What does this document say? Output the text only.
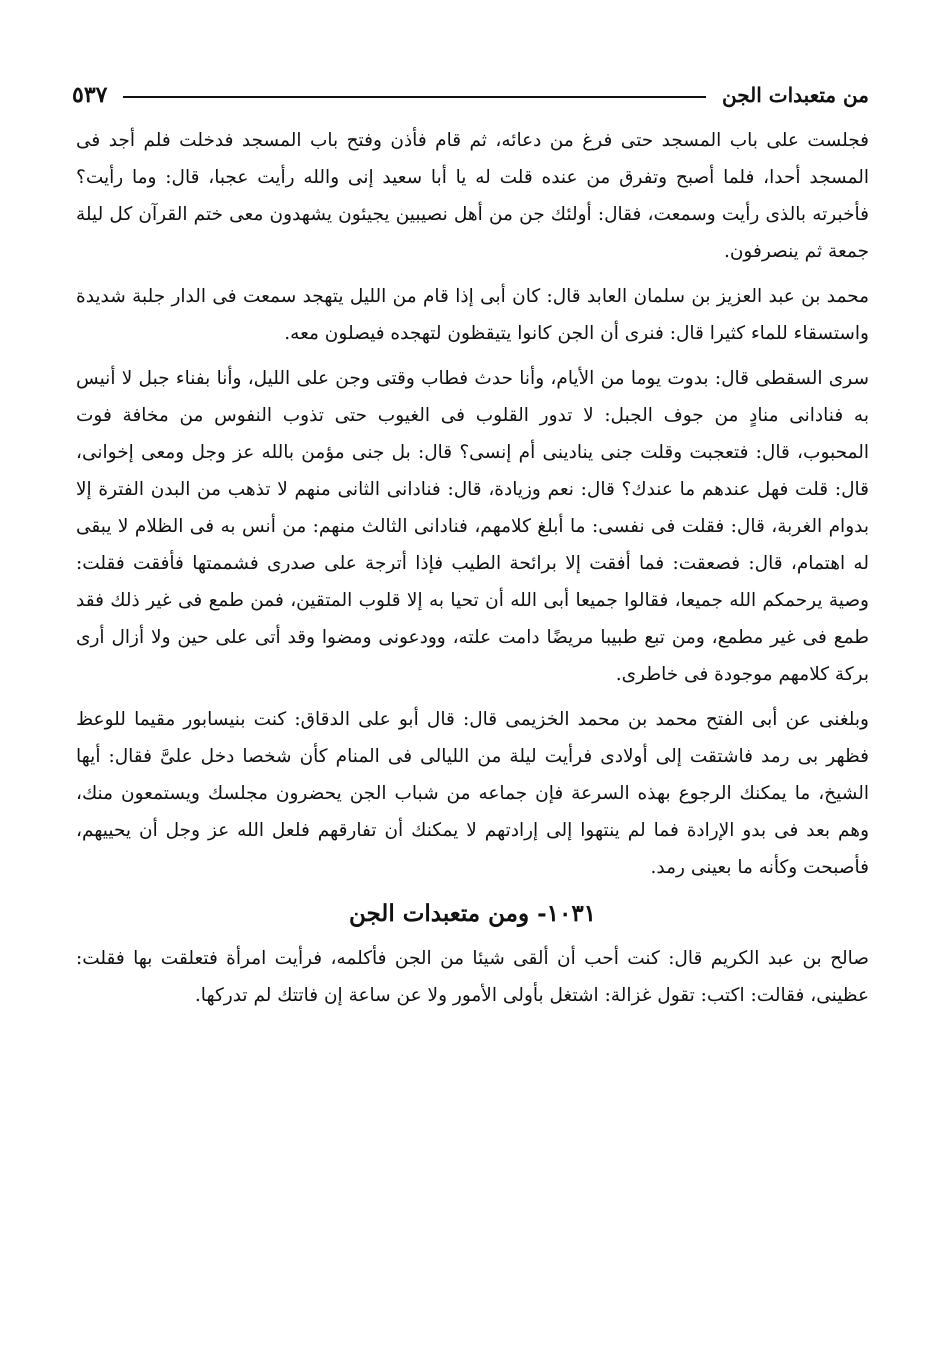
من متعبدات الجن
٥٣٧

فجلست على باب المسجد حتى فرغ من دعائه، ثم قام فأذن وفتح باب المسجد فدخلت فلم أجد فى المسجد أحدا، فلما أصبح وتفرق من عنده قلت له يا أبا سعيد إنى والله رأيت عجبا، قال: وما رأيت؟ فأخبرته بالذى رأيت وسمعت، فقال: أولئك جن من أهل نصيبين يجيئون يشهدون معى ختم القرآن كل ليلة جمعة ثم ينصرفون.

محمد بن عبد العزيز بن سلمان العابد قال: كان أبى إذا قام من الليل يتهجد سمعت فى الدار جلبة شديدة واستسقاء للماء كثيرا قال: فنرى أن الجن كانوا يتيقظون لتهجده فيصلون معه.

سرى السقطى قال: بدوت يوما من الأيام، وأنا حدث فطاب وقتى وجن على الليل، وأنا بفناء جبل لا أنيس به فنادانى منادٍ من جوف الجبل: لا تدور القلوب فى الغيوب حتى تذوب النفوس من مخافة فوت المحبوب، قال: فتعجبت وقلت جنى ينادينى أم إنسى؟ قال: بل جنى مؤمن بالله عز وجل ومعى إخوانى، قال: قلت فهل عندهم ما عندك؟ قال: نعم وزيادة، قال: فنادانى الثانى منهم لا تذهب من البدن الفترة إلا بدوام الغربة، قال: فقلت فى نفسى: ما أبلغ كلامهم، فنادانى الثالث منهم: من أنس به فى الظلام لا يبقى له اهتمام، قال: فصعقت: فما أفقت إلا برائحة الطيب فإذا أترجة على صدرى فشممتها فأفقت فقلت: وصية يرحمكم الله جميعا، فقالوا جميعا أبى الله أن تحيا به إلا قلوب المتقين، فمن طمع فى غير ذلك فقد طمع فى غير مطمع، ومن تبع طبيبا مريضًا دامت علته، وودعونى ومضوا وقد أتى على حين ولا أزال أرى بركة كلامهم موجودة فى خاطرى.

وبلغنى عن أبى الفتح محمد بن محمد الخزيمى قال: قال أبو على الدقاق: كنت بنيسابور مقيما للوعظ فظهر بى رمد فاشتقت إلى أولادى فرأيت ليلة من الليالى فى المنام كأن شخصا دخل علىَّ فقال: أيها الشيخ، ما يمكنك الرجوع بهذه السرعة فإن جماعه من شباب الجن يحضرون مجلسك ويستمعون منك، وهم بعد فى بدو الإرادة فما لم ينتهوا إلى إرادتهم لا يمكنك أن تفارقهم فلعل الله عز وجل أن يحييهم، فأصبحت وكأنه ما بعينى رمد.

١٠٣١- ومن متعبدات الجن

صالح بن عبد الكريم قال: كنت أحب أن ألقى شيئا من الجن فأكلمه، فرأيت امرأة فتعلقت بها فقلت: عظينى، فقالت: اكتب: تقول غزالة: اشتغل بأولى الأمور ولا عن ساعة إن فاتتك لم تدركها.
